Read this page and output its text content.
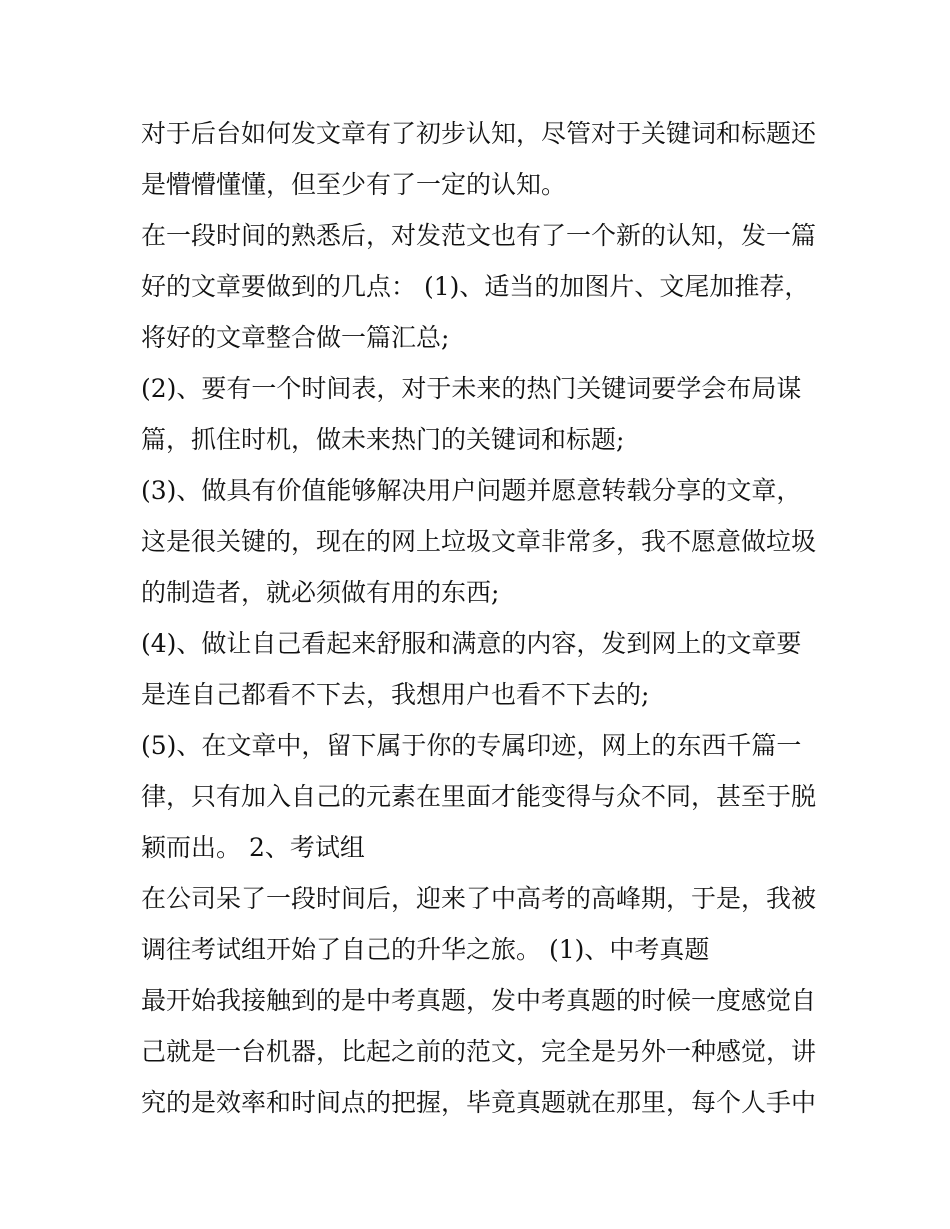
对于后台如何发文章有了初步认知，尽管对于关键词和标题还
是懵懵懂懂，但至少有了一定的认知。
在一段时间的熟悉后，对发范文也有了一个新的认知，发一篇
好的文章要做到的几点： (1)、适当的加图片、文尾加推荐，
将好的文章整合做一篇汇总;
(2)、要有一个时间表，对于未来的热门关键词要学会布局谋
篇，抓住时机，做未来热门的关键词和标题;
(3)、做具有价值能够解决用户问题并愿意转载分享的文章，
这是很关键的，现在的网上垃圾文章非常多，我不愿意做垃圾
的制造者，就必须做有用的东西;
(4)、做让自己看起来舒服和满意的内容，发到网上的文章要
是连自己都看不下去，我想用户也看不下去的;
(5)、在文章中，留下属于你的专属印迹，网上的东西千篇一
律，只有加入自己的元素在里面才能变得与众不同，甚至于脱
颖而出。 2、考试组
在公司呆了一段时间后，迎来了中高考的高峰期，于是，我被
调往考试组开始了自己的升华之旅。 (1)、中考真题
最开始我接触到的是中考真题，发中考真题的时候一度感觉自
己就是一台机器，比起之前的范文，完全是另外一种感觉，讲
究的是效率和时间点的把握，毕竟真题就在那里，每个人手中
